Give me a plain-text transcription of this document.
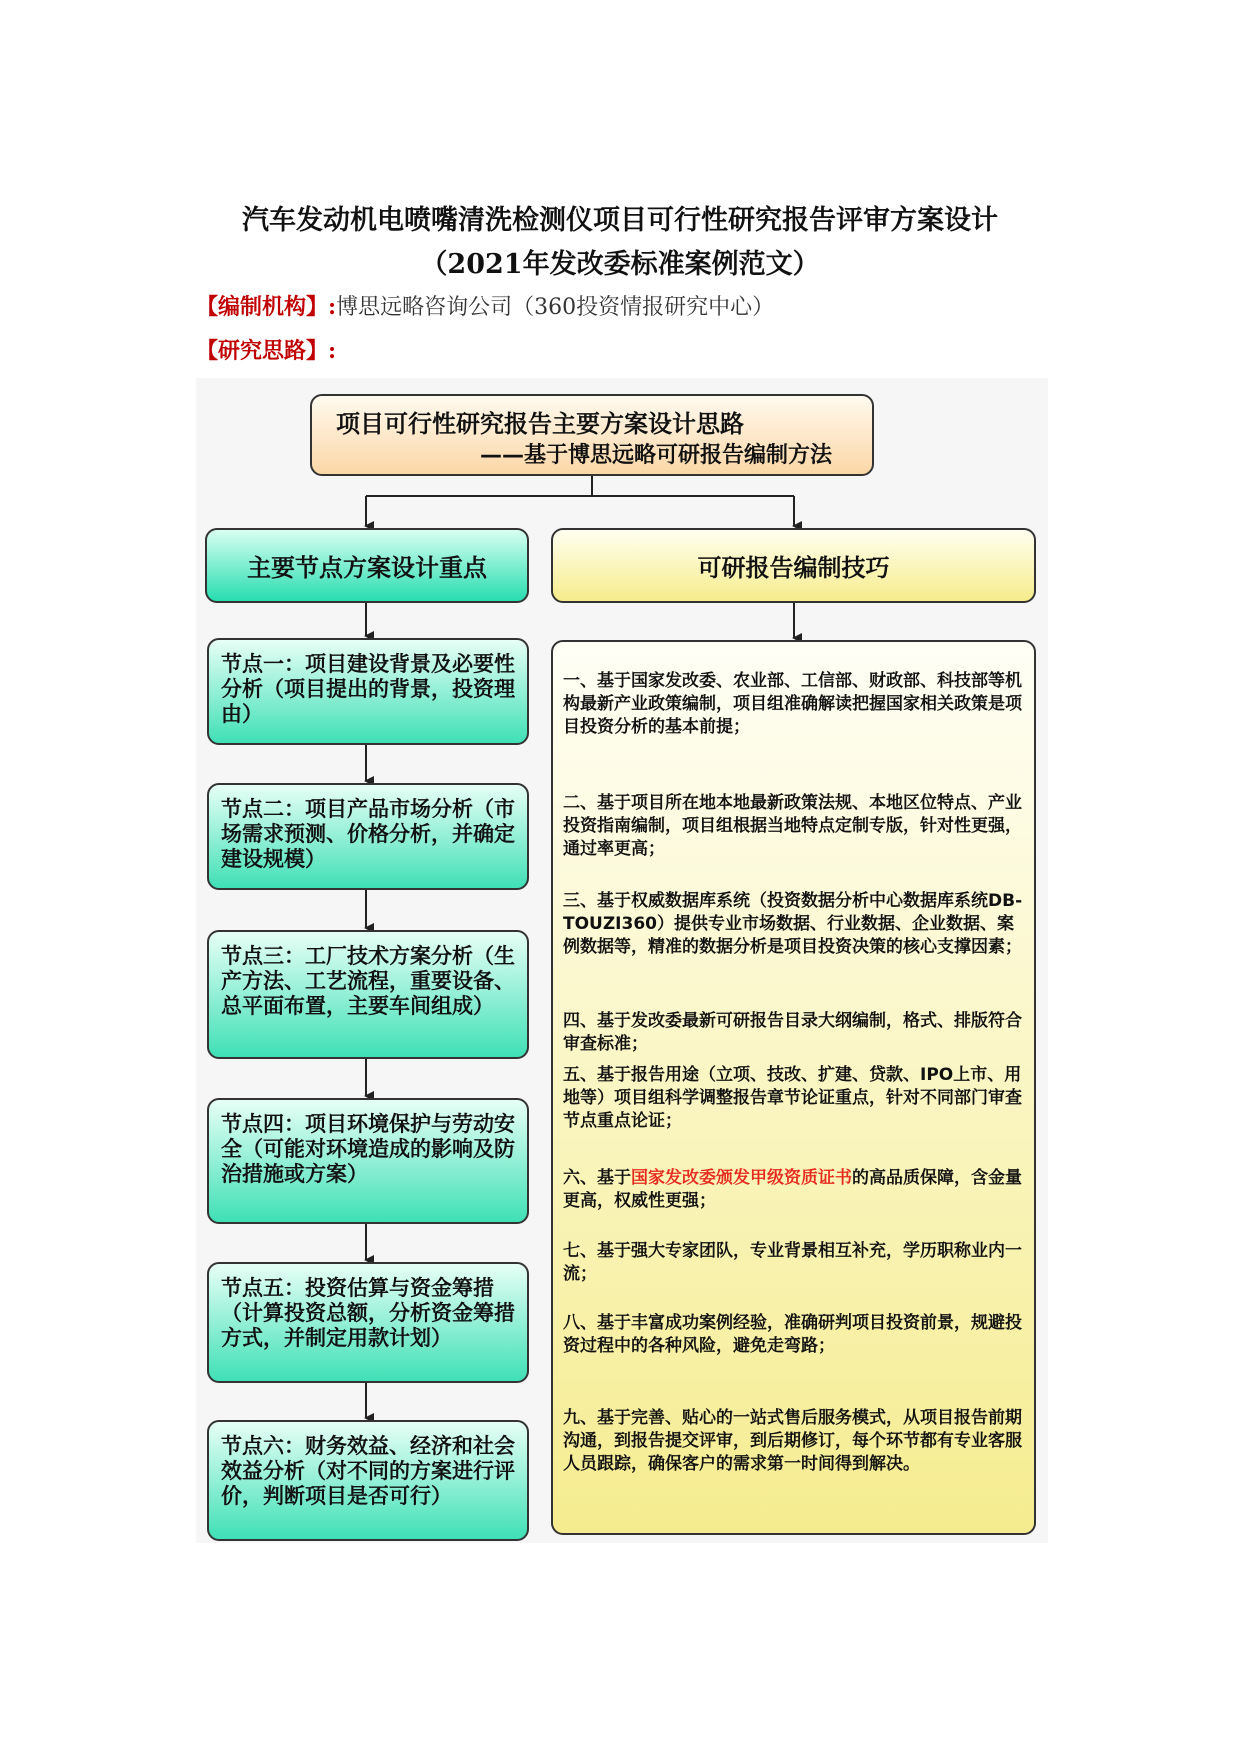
汽车发动机电喷嘴清洗检测仪项目可行性研究报告评审方案设计
（2021年发改委标准案例范文）
【编制机构】:博思远略咨询公司（360投资情报研究中心）
【研究思路】:
项目可行性研究报告主要方案设计思路
——基于博思远略可研报告编制方法
主要节点方案设计重点	可研报告编制技巧
节点一：项目建设背景及必要性分析（项目提出的背景，投资理由）
节点二：项目产品市场分析（市场需求预测、价格分析，并确定建设规模）
节点三：工厂技术方案分析（生产方法、工艺流程，重要设备、总平面布置，主要车间组成）
节点四：项目环境保护与劳动安全（可能对环境造成的影响及防治措施或方案）
节点五：投资估算与资金筹措（计算投资总额，分析资金筹措方式，并制定用款计划）
节点六：财务效益、经济和社会效益分析（对不同的方案进行评价，判断项目是否可行）
一、基于国家发改委、农业部、工信部、财政部、科技部等机构最新产业政策编制，项目组准确解读把握国家相关政策是项目投资分析的基本前提；
二、基于项目所在地本地最新政策法规、本地区位特点、产业投资指南编制，项目组根据当地特点定制专版，针对性更强，通过率更高；
三、基于权威数据库系统（投资数据分析中心数据库系统DB-TOUZI360）提供专业市场数据、行业数据、企业数据、案例数据等，精准的数据分析是项目投资决策的核心支撑因素；
四、基于发改委最新可研报告目录大纲编制，格式、排版符合审查标准；
五、基于报告用途（立项、技改、扩建、贷款、IPO上市、用地等）项目组科学调整报告章节论证重点，针对不同部门审查节点重点论证；
六、基于国家发改委颁发甲级资质证书的高品质保障，含金量更高，权威性更强；
七、基于强大专家团队，专业背景相互补充，学历职称业内一流；
八、基于丰富成功案例经验，准确研判项目投资前景，规避投资过程中的各种风险，避免走弯路；
九、基于完善、贴心的一站式售后服务模式，从项目报告前期沟通，到报告提交评审，到后期修订，每个环节都有专业客服人员跟踪，确保客户的需求第一时间得到解决。
